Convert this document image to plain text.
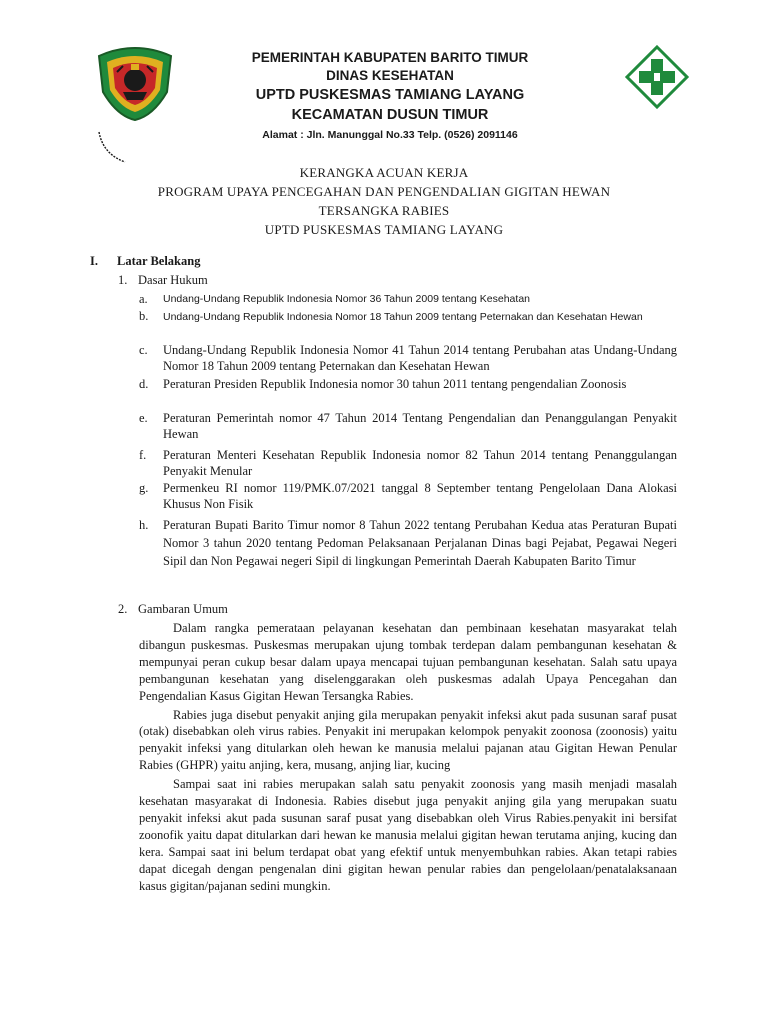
PEMERINTAH KABUPATEN BARITO TIMUR
DINAS KESEHATAN
UPTD PUSKESMAS TAMIANG LAYANG
KECAMATAN DUSUN TIMUR
Alamat : Jln. Manunggal No.33 Telp. (0526) 2091146
KERANGKA ACUAN KERJA
PROGRAM UPAYA PENCEGAHAN DAN PENGENDALIAN GIGITAN HEWAN
TERSANGKA RABIES
UPTD PUSKESMAS TAMIANG LAYANG
I. Latar Belakang
1. Dasar Hukum
a.	Undang-Undang Republik Indonesia Nomor 36 Tahun 2009 tentang Kesehatan
b.	Undang-Undang Republik Indonesia Nomor 18 Tahun 2009 tentang Peternakan dan Kesehatan Hewan
c.	Undang-Undang Republik Indonesia Nomor 41 Tahun 2014 tentang Perubahan atas Undang-Undang Nomor 18 Tahun 2009 tentang Peternakan dan Kesehatan Hewan
d.	Peraturan Presiden Republik Indonesia nomor 30 tahun 2011 tentang pengendalian Zoonosis
e.	Peraturan Pemerintah nomor 47 Tahun 2014 Tentang Pengendalian dan Penanggulangan Penyakit Hewan
f.	Peraturan Menteri Kesehatan Republik Indonesia nomor 82 Tahun 2014 tentang Penanggulangan Penyakit Menular
g.	Permenkeu RI nomor 119/PMK.07/2021 tanggal 8 September tentang Pengelolaan Dana Alokasi Khusus Non Fisik
h.	Peraturan Bupati Barito Timur nomor 8 Tahun 2022 tentang Perubahan Kedua atas Peraturan Bupati Nomor 3 tahun 2020 tentang Pedoman Pelaksanaan Perjalanan Dinas bagi Pejabat, Pegawai Negeri Sipil dan Non Pegawai negeri Sipil di lingkungan Pemerintah Daerah Kabupaten Barito Timur
2. Gambaran Umum

Dalam rangka pemerataan pelayanan kesehatan dan pembinaan kesehatan masyarakat telah dibangun puskesmas. Puskesmas merupakan ujung tombak terdepan dalam pembangunan kesehatan & mempunyai peran cukup besar dalam upaya mencapai tujuan pembangunan kesehatan. Salah satu upaya pembangunan kesehatan yang diselenggarakan oleh puskesmas adalah Upaya Pencegahan dan Pengendalian Kasus Gigitan Hewan Tersangka Rabies.

Rabies juga disebut penyakit anjing gila merupakan penyakit infeksi akut pada susunan saraf pusat (otak) disebabkan oleh virus rabies. Penyakit ini merupakan kelompok penyakit zoonosa (zoonosis) yaitu penyakit infeksi yang ditularkan oleh hewan ke manusia melalui pajanan atau Gigitan Hewan Penular Rabies (GHPR) yaitu anjing, kera, musang, anjing liar, kucing

Sampai saat ini rabies merupakan salah satu penyakit zoonosis yang masih menjadi masalah kesehatan masyarakat di Indonesia. Rabies disebut juga penyakit anjing gila yang merupakan suatu penyakit infeksi akut pada susunan saraf pusat yang disebabkan oleh Virus Rabies.penyakit ini bersifat zoonofik yaitu dapat ditularkan dari hewan ke manusia melalui gigitan hewan terutama anjing, kucing dan kera. Sampai saat ini belum terdapat obat yang efektif untuk menyembuhkan rabies. Akan tetapi rabies dapat dicegah dengan pengenalan dini gigitan hewan penular rabies dan pengelolaan/penatalaksanaan kasus gigitan/pajanan sedini mungkin.
